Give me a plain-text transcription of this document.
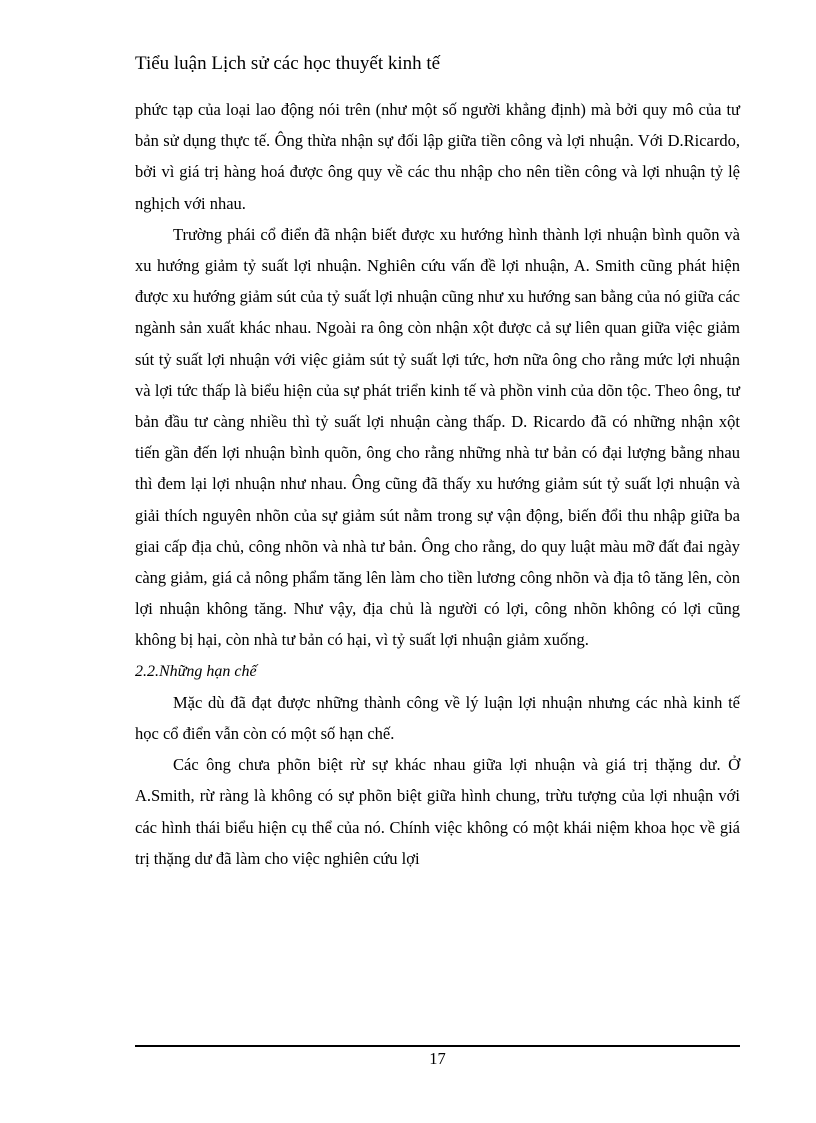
Tiểu luận Lịch sử các học thuyết kinh tế

phức tạp của loại lao động nói trên (như một số người khẳng định) mà bởi quy mô của tư bản sử dụng thực tế. Ông thừa nhận sự đối lập giữa tiền công và lợi nhuận. Với D.Ricardo, bởi vì giá trị hàng hoá được ông quy về các thu nhập cho nên tiền công và lợi nhuận tỷ lệ nghịch với nhau.

Trường phái cổ điển đã nhận biết được xu hướng hình thành lợi nhuận bình quõn và xu hướng giảm tỷ suất lợi nhuận. Nghiên cứu vấn đề lợi nhuận, A. Smith cũng phát hiện được xu hướng giảm sút của tỷ suất lợi nhuận cũng như xu hướng san bằng của nó giữa các ngành sản xuất khác nhau. Ngoài ra ông còn nhận xột được cả sự liên quan giữa việc giảm sút tỷ suất lợi nhuận với việc giảm sút tỷ suất lợi tức, hơn nữa ông cho rằng mức lợi nhuận và lợi tức thấp là biểu hiện của sự phát triển kinh tế và phồn vinh của dõn tộc. Theo ông, tư bản đầu tư càng nhiều thì tỷ suất lợi nhuận càng thấp. D. Ricardo đã có những nhận xột tiến gần đến lợi nhuận bình quõn, ông cho rằng những nhà tư bản có đại lượng bằng nhau thì đem lại lợi nhuận như nhau. Ông cũng đã thấy xu hướng giảm sút tỷ suất lợi nhuận và giải thích nguyên nhõn của sự giảm sút nằm trong sự vận động, biến đổi thu nhập giữa ba giai cấp địa chủ, công nhõn và nhà tư bản. Ông cho rằng, do quy luật màu mỡ đất đai ngày càng giảm, giá cả nông phẩm tăng lên làm cho tiền lương công nhõn và địa tô tăng lên, còn lợi nhuận không tăng. Như vậy, địa chủ là người có lợi, công nhõn không có lợi cũng không bị hại, còn nhà tư bản có hại, vì tỷ suất lợi nhuận giảm xuống.

2.2.Những hạn chế

Mặc dù đã đạt được những thành công về lý luận lợi nhuận nhưng các nhà kinh tế học cổ điển vẫn còn có một số hạn chế.

Các ông chưa phõn biệt rừ sự khác nhau giữa lợi nhuận và giá trị thặng dư. Ở A.Smith, rừ ràng là không có sự phõn biệt giữa hình chung, trừu tượng của lợi nhuận với các hình thái biểu hiện cụ thể của nó. Chính việc không có một khái niệm khoa học về giá trị thặng dư đã làm cho việc nghiên cứu lợi

17
